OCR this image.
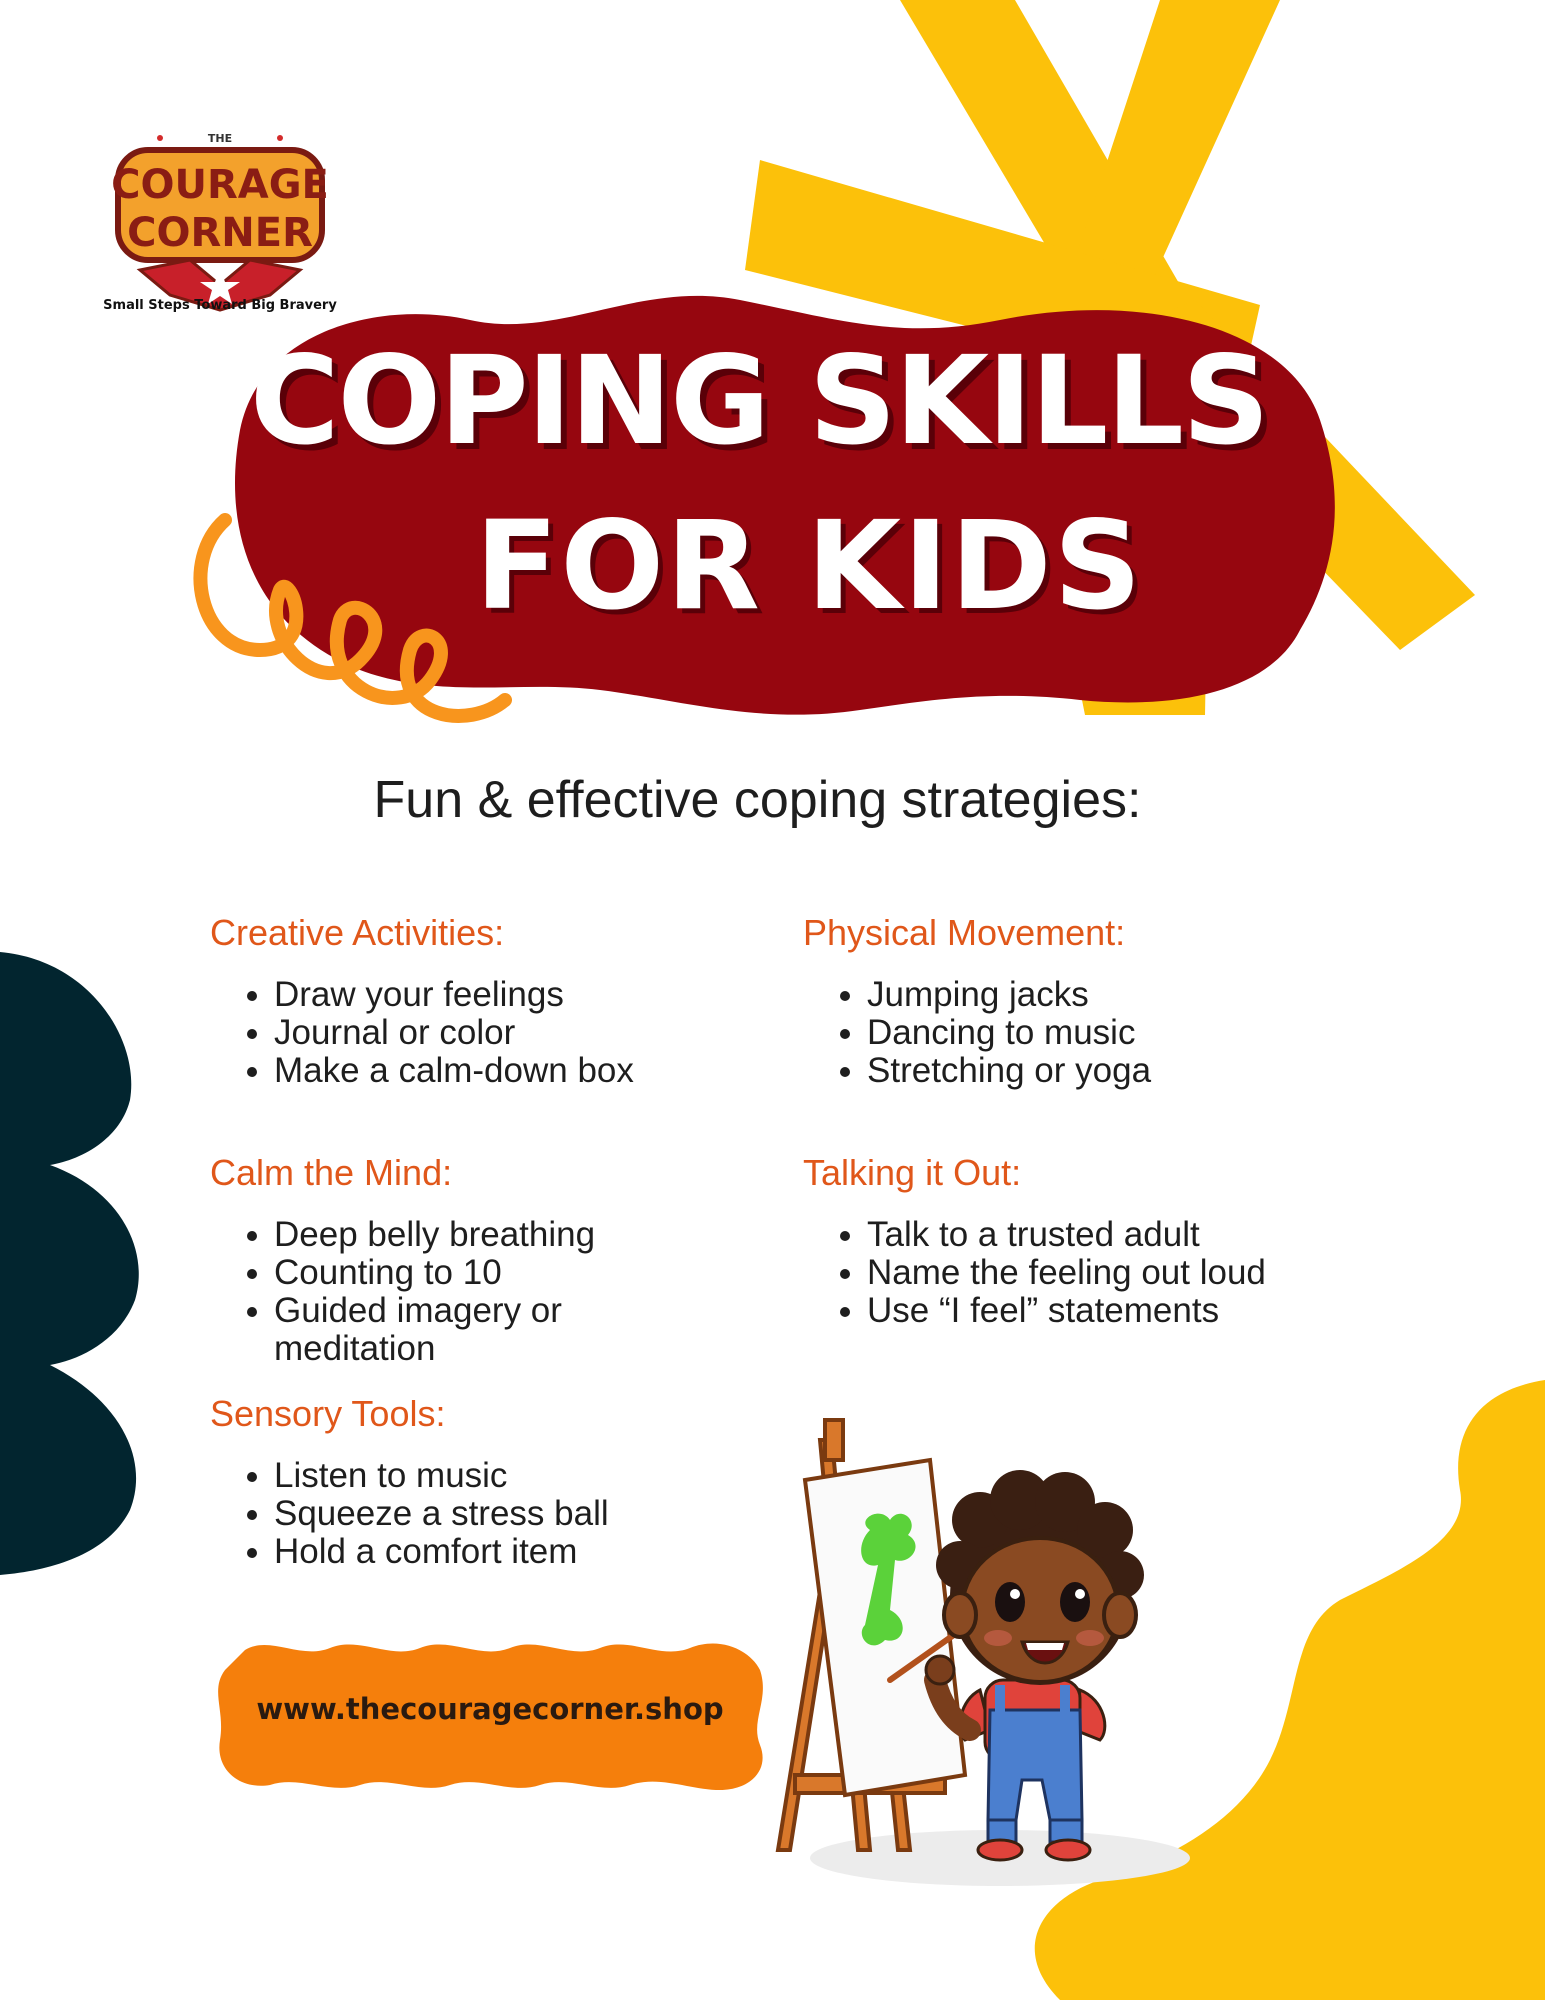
THE
COURAGE
CORNER
Small Steps Toward Big Bravery
COPING SKILLS
FOR KIDS
Fun & effective coping strategies:
Creative Activities:
• Draw your feelings
• Journal or color
• Make a calm-down box
Physical Movement:
• Jumping jacks
• Dancing to music
• Stretching or yoga
Calm the Mind:
• Deep belly breathing
• Counting to 10
• Guided imagery or meditation
Talking it Out:
• Talk to a trusted adult
• Name the feeling out loud
• Use “I feel” statements
Sensory Tools:
• Listen to music
• Squeeze a stress ball
• Hold a comfort item
www.thecouragecorner.shop
